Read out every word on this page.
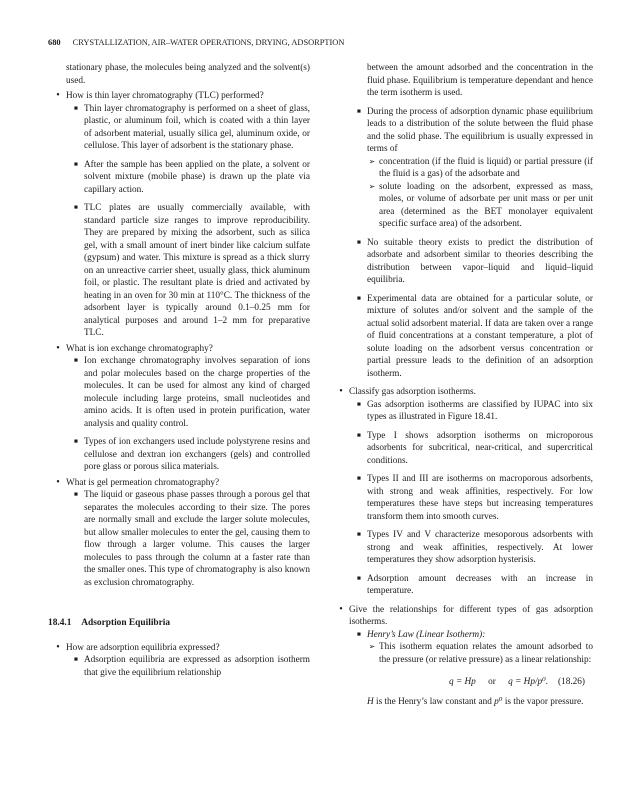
680 CRYSTALLIZATION, AIR–WATER OPERATIONS, DRYING, ADSORPTION

stationary phase, the molecules being analyzed and the solvent(s) used.

• How is thin layer chromatography (TLC) performed?

■ Thin layer chromatography is performed on a sheet of glass, plastic, or aluminum foil, which is coated with a thin layer of adsorbent material, usually silica gel, aluminum oxide, or cellulose. This layer of adsorbent is the stationary phase.

■ After the sample has been applied on the plate, a solvent or solvent mixture (mobile phase) is drawn up the plate via capillary action.

■ TLC plates are usually commercially available, with standard particle size ranges to improve reproducibility. They are prepared by mixing the adsorbent, such as silica gel, with a small amount of inert binder like calcium sulfate (gypsum) and water. This mixture is spread as a thick slurry on an unreactive carrier sheet, usually glass, thick aluminum foil, or plastic. The resultant plate is dried and activated by heating in an oven for 30 min at 110°C. The thickness of the adsorbent layer is typically around 0.1–0.25 mm for analytical purposes and around 1–2 mm for preparative TLC.

• What is ion exchange chromatography?

■ Ion exchange chromatography involves separation of ions and polar molecules based on the charge properties of the molecules. It can be used for almost any kind of charged molecule including large proteins, small nucleotides and amino acids. It is often used in protein purification, water analysis and quality control.

■ Types of ion exchangers used include polystyrene resins and cellulose and dextran ion exchangers (gels) and controlled pore glass or porous silica materials.

• What is gel permeation chromatography?

■ The liquid or gaseous phase passes through a porous gel that separates the molecules according to their size. The pores are normally small and exclude the larger solute molecules, but allow smaller molecules to enter the gel, causing them to flow through a larger volume. This causes the larger molecules to pass through the column at a faster rate than the smaller ones. This type of chromatography is also known as exclusion chromatography.

18.4.1 Adsorption Equilibria
• How are adsorption equilibria expressed?

■ Adsorption equilibria are expressed as adsorption isotherm that give the equilibrium relationship

between the amount adsorbed and the concentration in the fluid phase. Equilibrium is temperature dependant and hence the term isotherm is used.

■ During the process of adsorption dynamic phase equilibrium leads to a distribution of the solute between the fluid phase and the solid phase. The equilibrium is usually expressed in terms of

➢ concentration (if the fluid is liquid) or partial pressure (if the fluid is a gas) of the adsorbate and

➢ solute loading on the adsorbent, expressed as mass, moles, or volume of adsorbate per unit mass or per unit area (determined as the BET monolayer equivalent specific surface area) of the adsorbent.

■ No suitable theory exists to predict the distribution of adsorbate and adsorbent similar to theories describing the distribution between vapor–liquid and liquid–liquid equilibria.

■ Experimental data are obtained for a particular solute, or mixture of solutes and/or solvent and the sample of the actual solid adsorbent material. If data are taken over a range of fluid concentrations at a constant temperature, a plot of solute loading on the adsorbent versus concentration or partial pressure leads to the definition of an adsorption isotherm.

• Classify gas adsorption isotherms.

■ Gas adsorption isotherms are classified by IUPAC into six types as illustrated in Figure 18.41.

■ Type I shows adsorption isotherms on microporous adsorbents for subcritical, near-critical, and supercritical conditions.

■ Types II and III are isotherms on macroporous adsorbents, with strong and weak affinities, respectively. For low temperatures these have steps but increasing temperatures transform them into smooth curves.

■ Types IV and V characterize mesoporous adsorbents with strong and weak affinities, respectively. At lower temperatures they show adsorption hysterisis.

■ Adsorption amount decreases with an increase in temperature.

• Give the relationships for different types of gas adsorption isotherms.

■ Henry’s Law (Linear Isotherm):

➢ This isotherm equation relates the amount adsorbed to the pressure (or relative pressure) as a linear relationship:

q = Hp or q = Hp/p⁰. (18.26)

H is the Henry’s law constant and p⁰ is the vapor pressure.
